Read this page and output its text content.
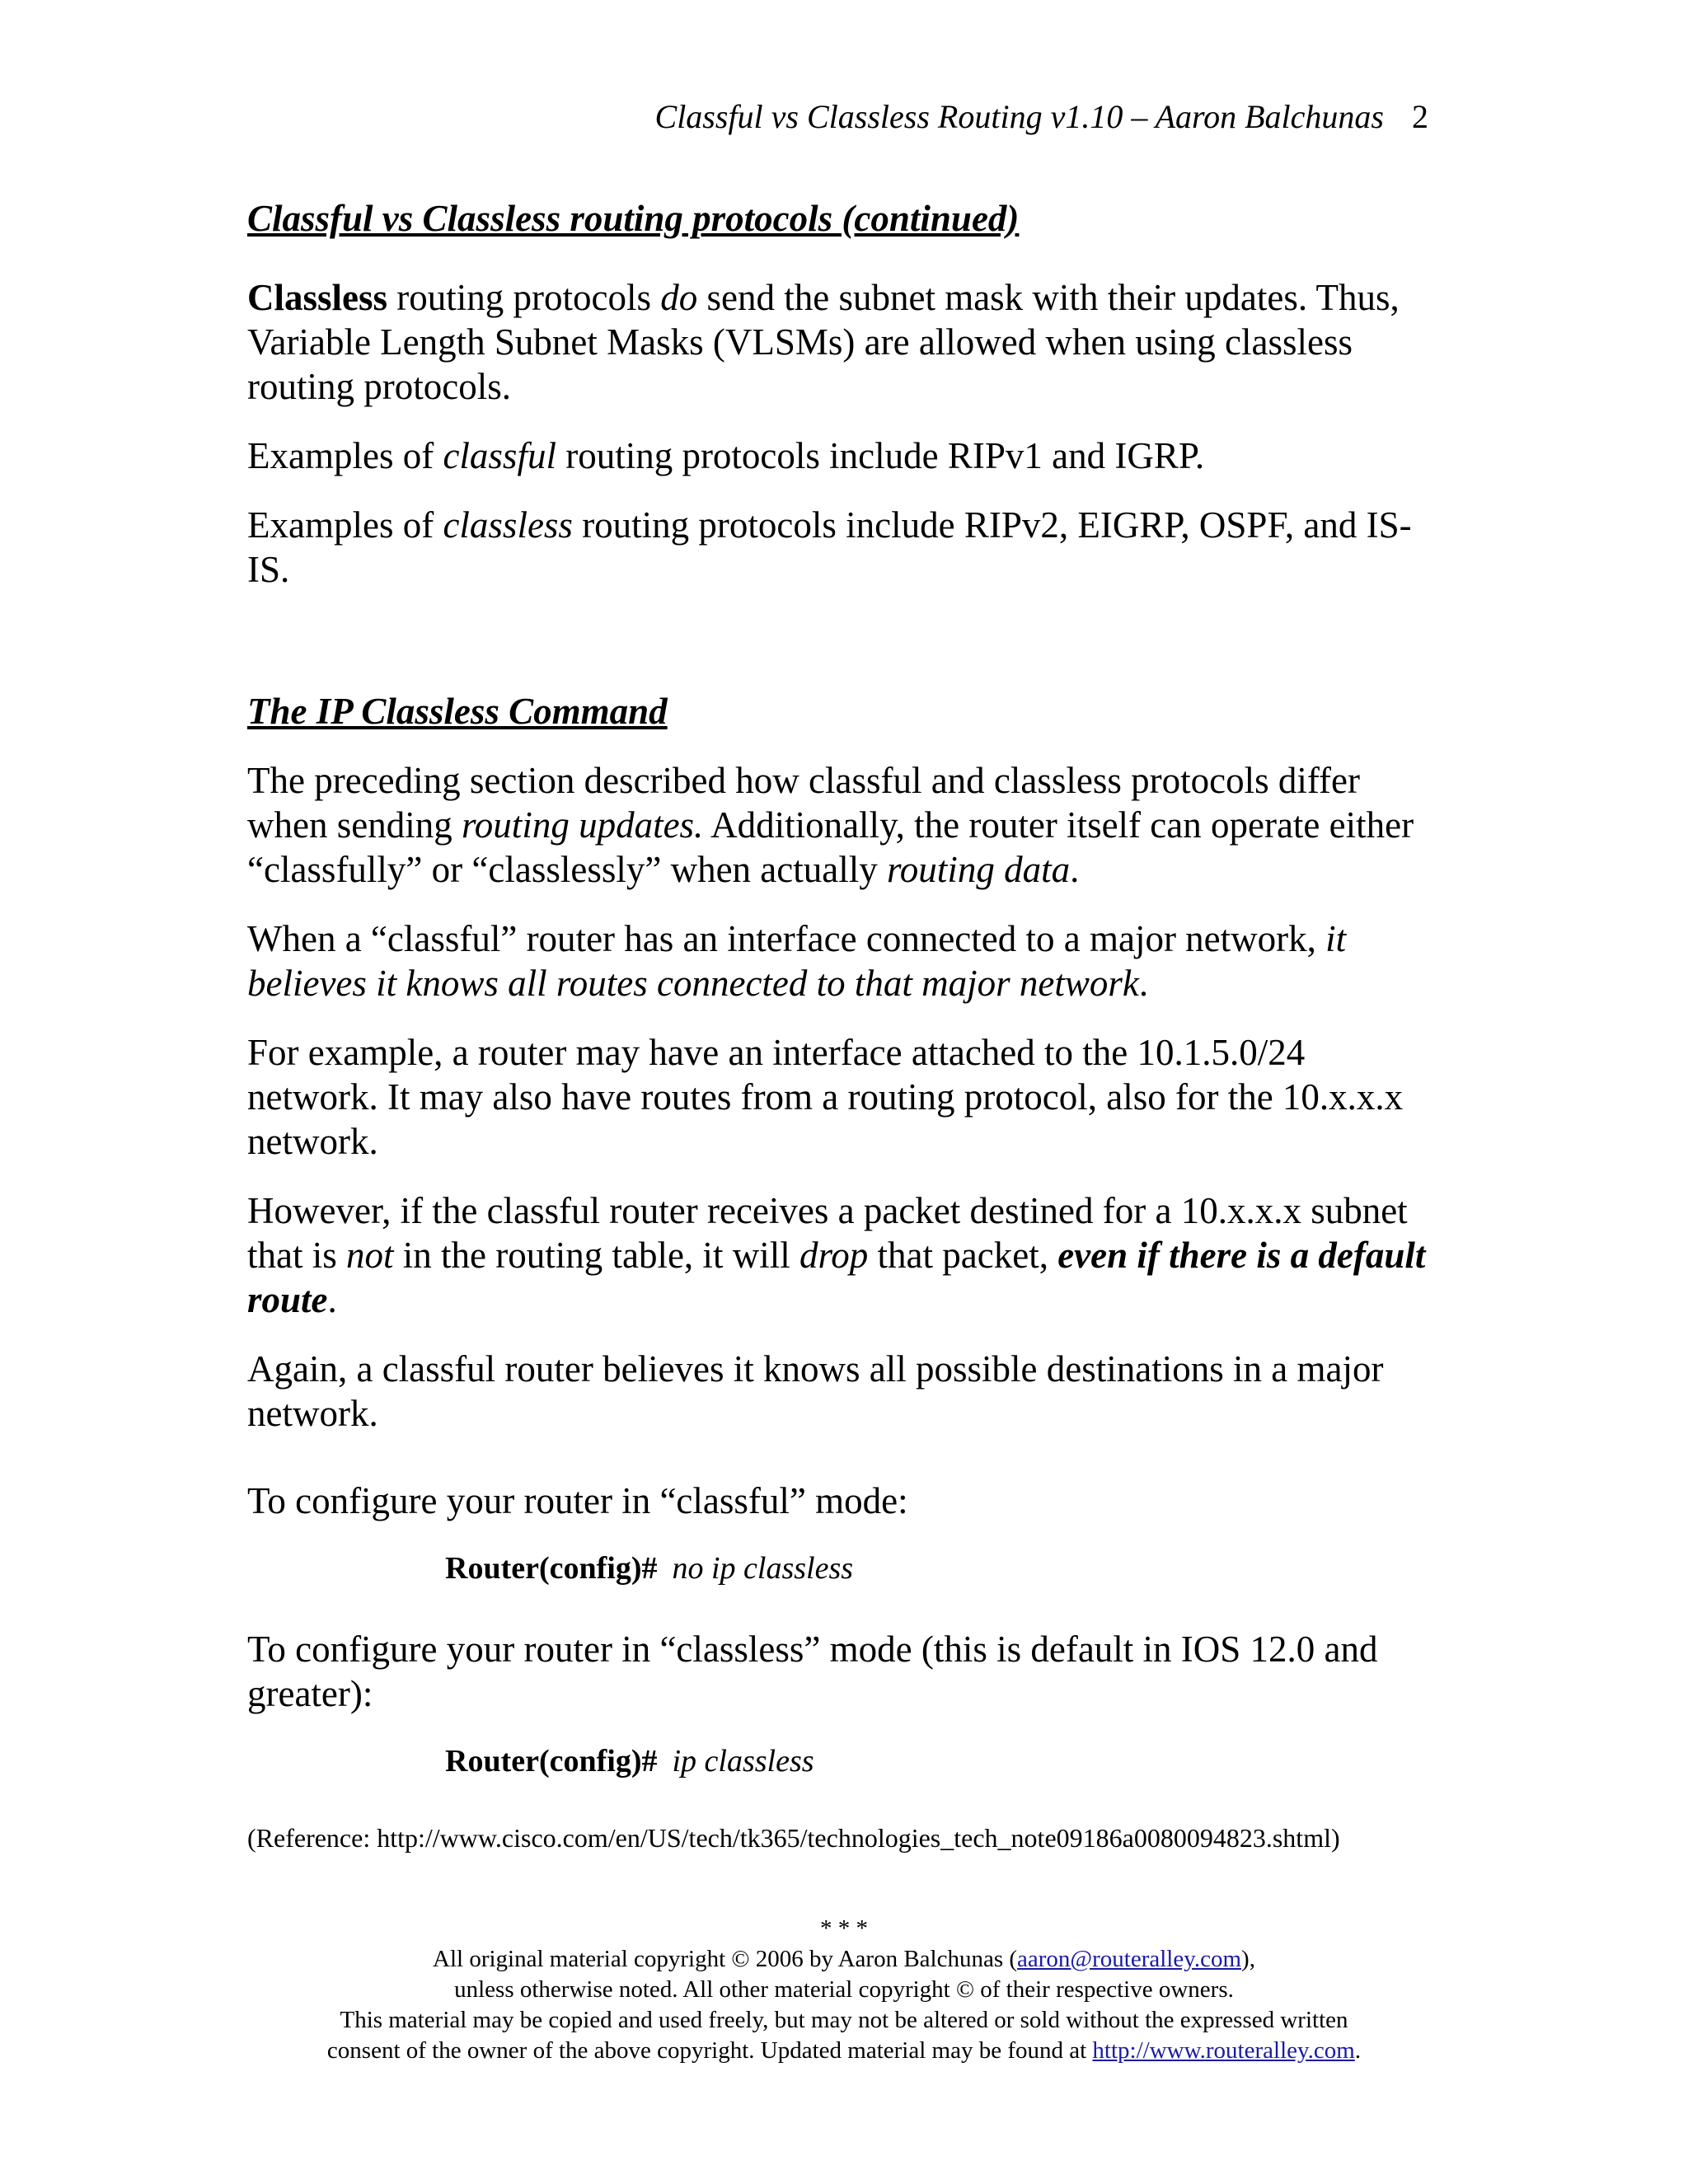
Classful vs Classless Routing v1.10 – Aaron Balchunas 2
Classful vs Classless routing protocols (continued)

Classless routing protocols do send the subnet mask with their updates. Thus, Variable Length Subnet Masks (VLSMs) are allowed when using classless routing protocols.

Examples of classful routing protocols include RIPv1 and IGRP.

Examples of classless routing protocols include RIPv2, EIGRP, OSPF, and IS-IS.

The IP Classless Command

The preceding section described how classful and classless protocols differ when sending routing updates. Additionally, the router itself can operate either “classfully” or “classlessly” when actually routing data.

When a “classful” router has an interface connected to a major network, it believes it knows all routes connected to that major network.

For example, a router may have an interface attached to the 10.1.5.0/24 network. It may also have routes from a routing protocol, also for the 10.x.x.x network.

However, if the classful router receives a packet destined for a 10.x.x.x subnet that is not in the routing table, it will drop that packet, even if there is a default route.

Again, a classful router believes it knows all possible destinations in a major network.

To configure your router in “classful” mode:

Router(config)# no ip classless

To configure your router in “classless” mode (this is default in IOS 12.0 and greater):

Router(config)# ip classless
(Reference: http://www.cisco.com/en/US/tech/tk365/technologies_tech_note09186a0080094823.shtml)
* * *
All original material copyright © 2006 by Aaron Balchunas (aaron@routeralley.com),
unless otherwise noted. All other material copyright © of their respective owners.
This material may be copied and used freely, but may not be altered or sold without the expressed written
consent of the owner of the above copyright. Updated material may be found at http://www.routeralley.com.
